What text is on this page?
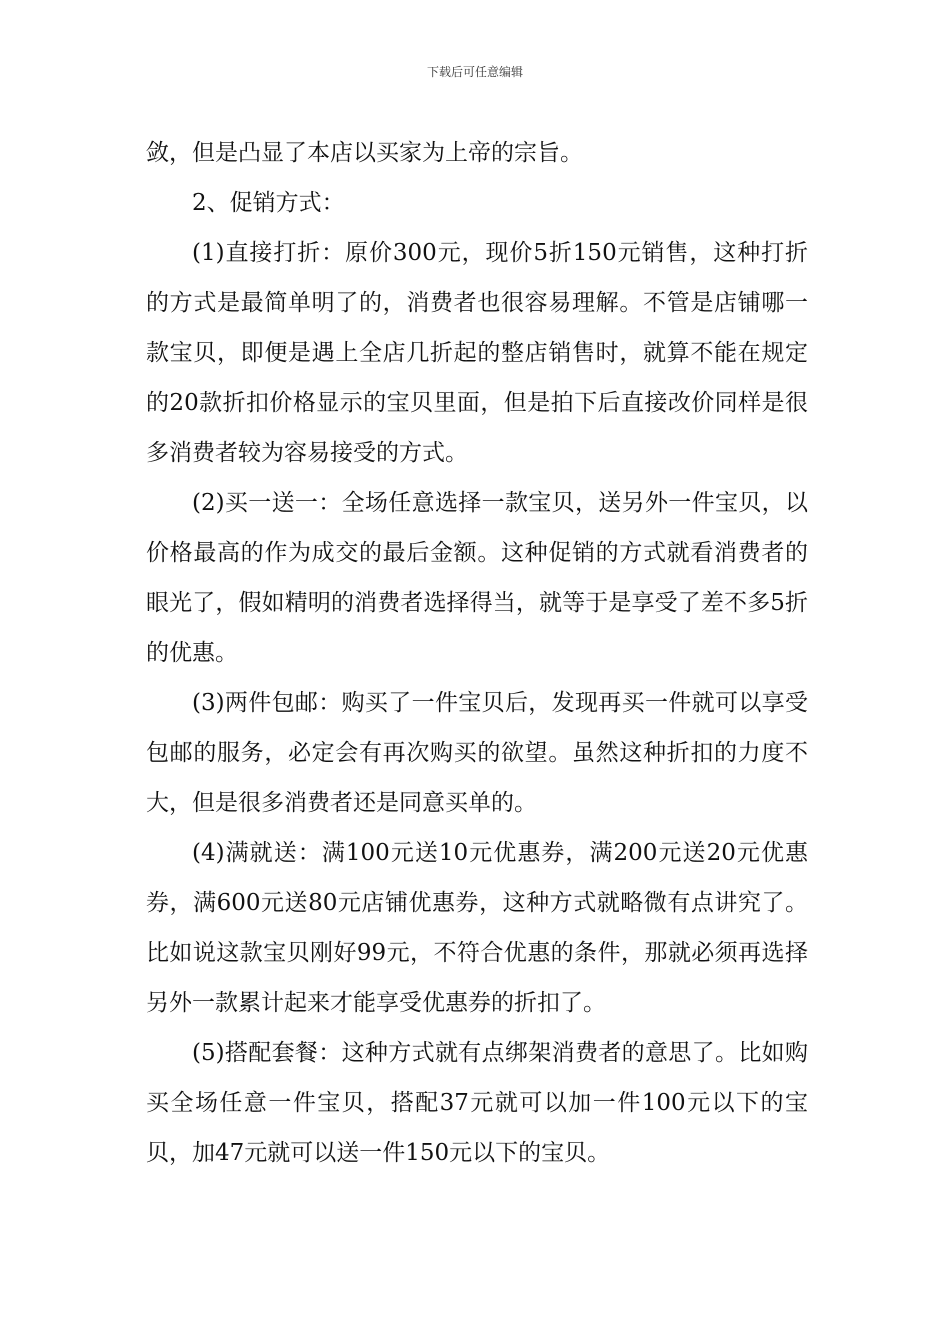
下载后可任意编辑

敛，但是凸显了本店以买家为上帝的宗旨。

2、促销方式：

(1)直接打折：原价300元，现价5折150元销售，这种打折的方式是最简单明了的，消费者也很容易理解。不管是店铺哪一款宝贝，即便是遇上全店几折起的整店销售时，就算不能在规定的20款折扣价格显示的宝贝里面，但是拍下后直接改价同样是很多消费者较为容易接受的方式。

(2)买一送一：全场任意选择一款宝贝，送另外一件宝贝，以价格最高的作为成交的最后金额。这种促销的方式就看消费者的眼光了，假如精明的消费者选择得当，就等于是享受了差不多5折的优惠。

(3)两件包邮：购买了一件宝贝后，发现再买一件就可以享受包邮的服务，必定会有再次购买的欲望。虽然这种折扣的力度不大，但是很多消费者还是同意买单的。

(4)满就送：满100元送10元优惠券，满200元送20元优惠券，满600元送80元店铺优惠券，这种方式就略微有点讲究了。比如说这款宝贝刚好99元，不符合优惠的条件，那就必须再选择另外一款累计起来才能享受优惠券的折扣了。

(5)搭配套餐：这种方式就有点绑架消费者的意思了。比如购买全场任意一件宝贝，搭配37元就可以加一件100元以下的宝贝，加47元就可以送一件150元以下的宝贝。
